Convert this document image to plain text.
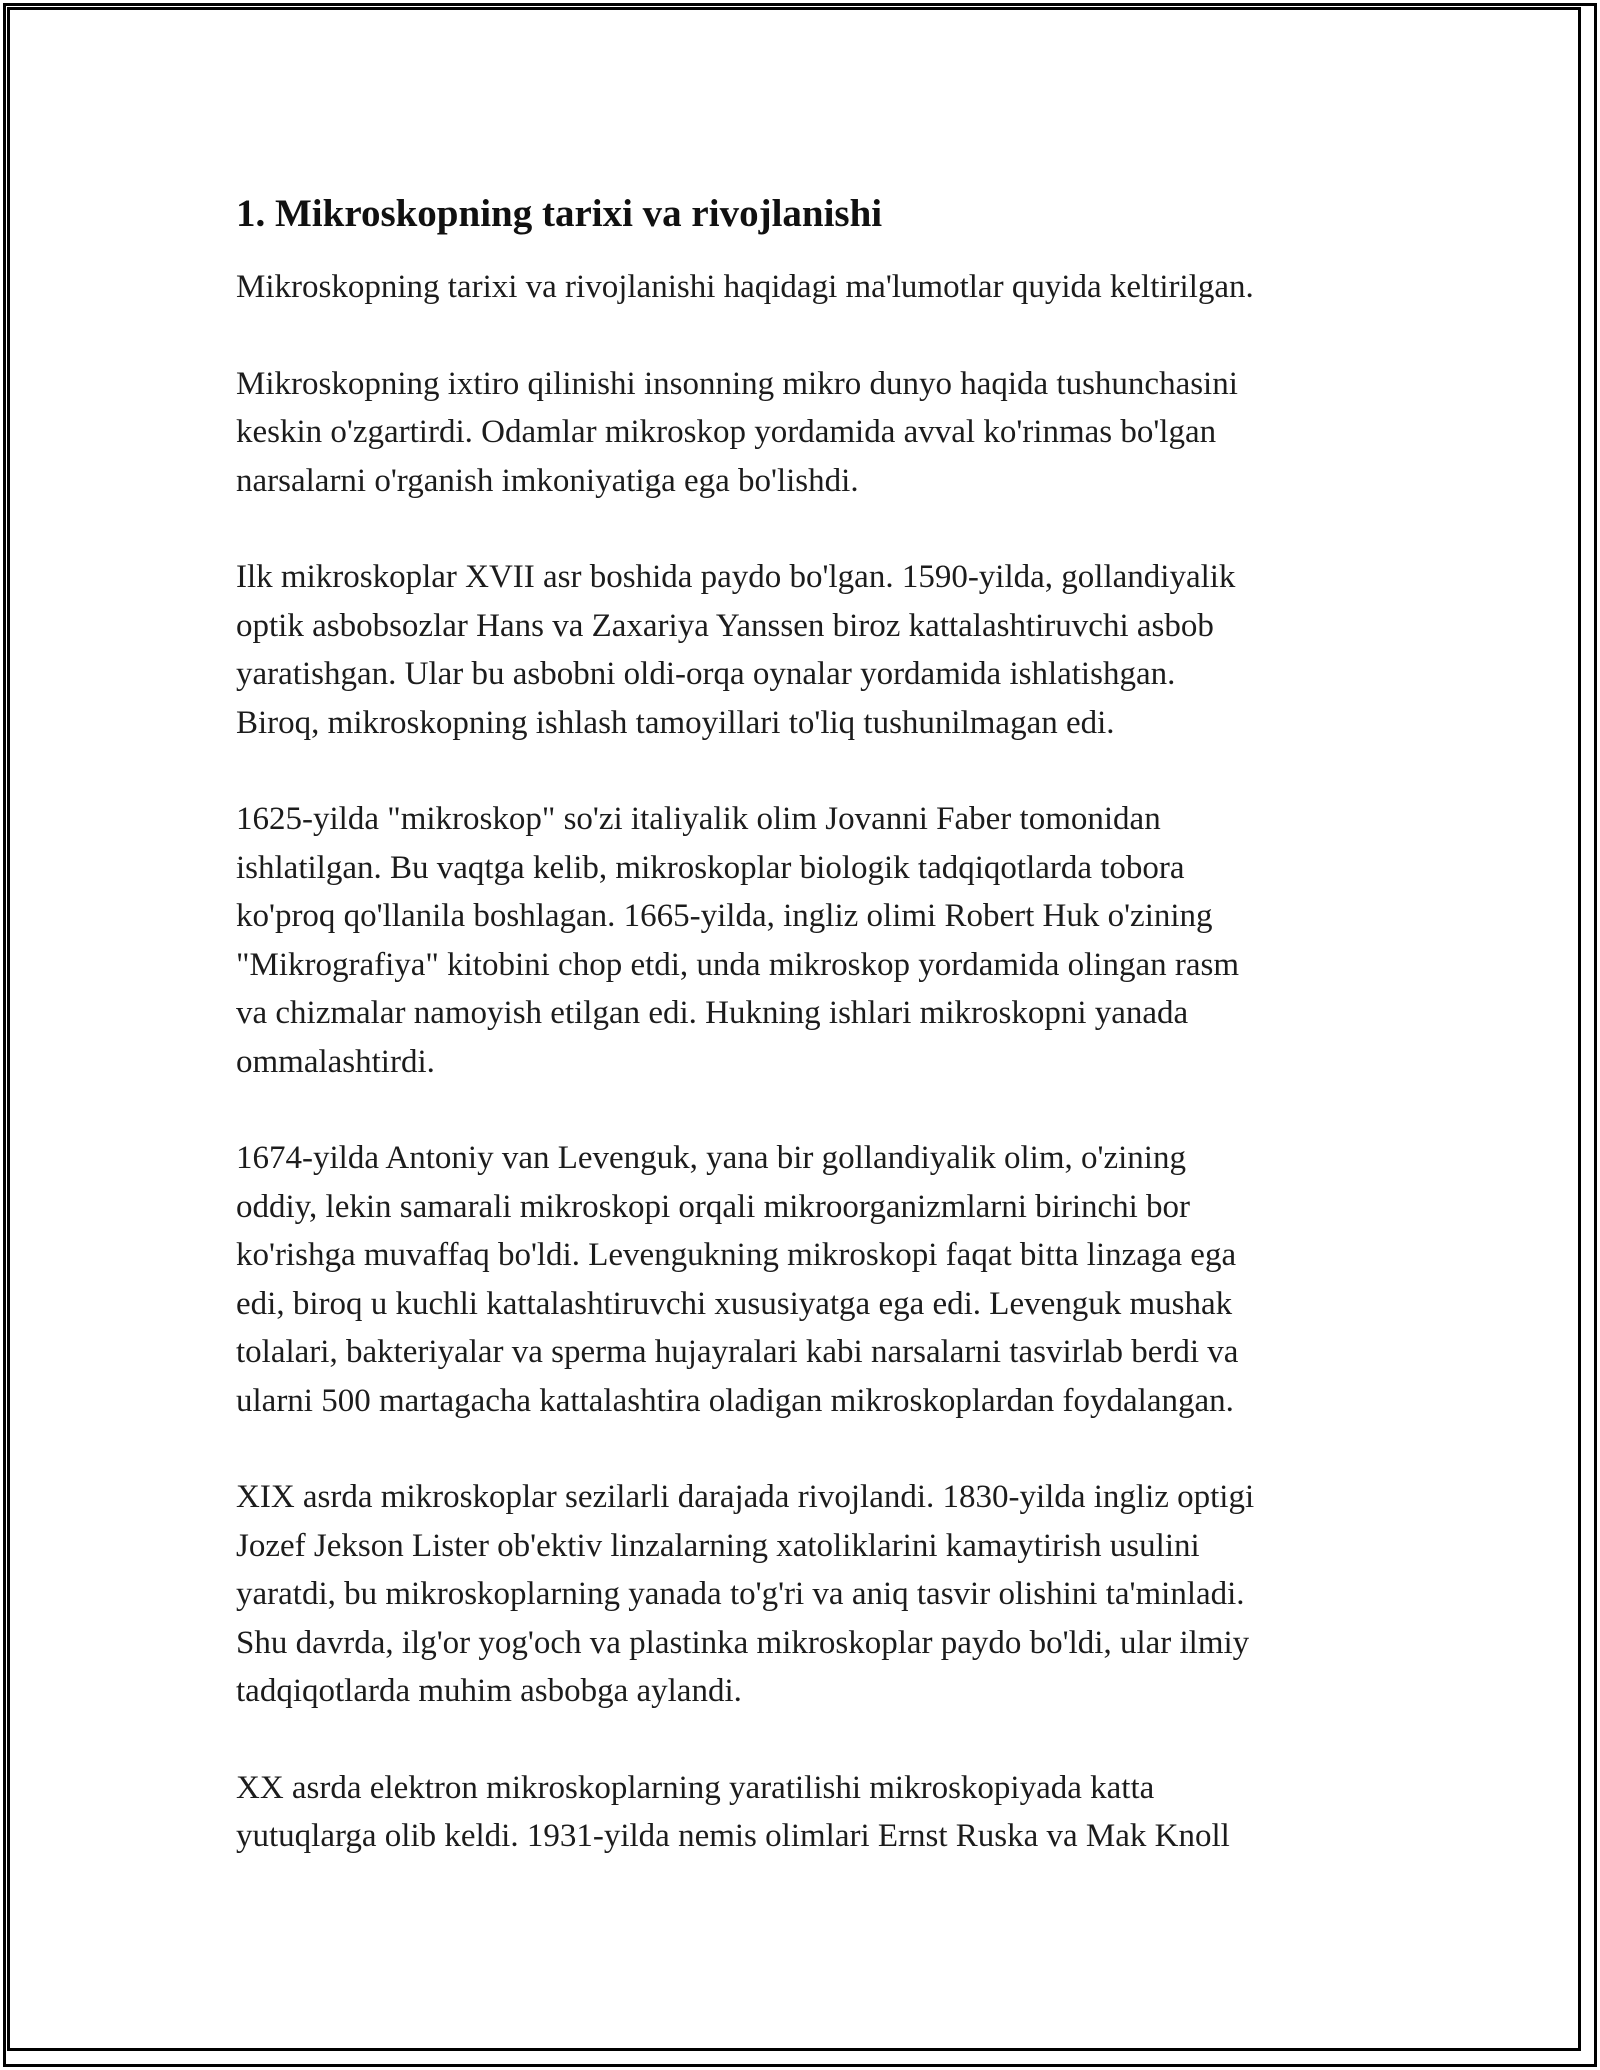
1. Mikroskopning tarixi va rivojlanishi

Mikroskopning tarixi va rivojlanishi haqidagi ma'lumotlar quyida keltirilgan.

Mikroskopning ixtiro qilinishi insonning mikro dunyo haqida tushunchasini
keskin o'zgartirdi. Odamlar mikroskop yordamida avval ko'rinmas bo'lgan
narsalarni o'rganish imkoniyatiga ega bo'lishdi.

Ilk mikroskoplar XVII asr boshida paydo bo'lgan. 1590-yilda, gollandiyalik
optik asbobsozlar Hans va Zaxariya Yanssen biroz kattalashtiruvchi asbob
yaratishgan. Ular bu asbobni oldi-orqa oynalar yordamida ishlatishgan.
Biroq, mikroskopning ishlash tamoyillari to'liq tushunilmagan edi.

1625-yilda "mikroskop" so'zi italiyalik olim Jovanni Faber tomonidan
ishlatilgan. Bu vaqtga kelib, mikroskoplar biologik tadqiqotlarda tobora
ko'proq qo'llanila boshlagan. 1665-yilda, ingliz olimi Robert Huk o'zining
"Mikrografiya" kitobini chop etdi, unda mikroskop yordamida olingan rasm
va chizmalar namoyish etilgan edi. Hukning ishlari mikroskopni yanada
ommalashtirdi.

1674-yilda Antoniy van Levenguk, yana bir gollandiyalik olim, o'zining
oddiy, lekin samarali mikroskopi orqali mikroorganizmlarni birinchi bor
ko'rishga muvaffaq bo'ldi. Levengukning mikroskopi faqat bitta linzaga ega
edi, biroq u kuchli kattalashtiruvchi xususiyatga ega edi. Levenguk mushak
tolalari, bakteriyalar va sperma hujayralari kabi narsalarni tasvirlab berdi va
ularni 500 martagacha kattalashtira oladigan mikroskoplardan foydalangan.

XIX asrda mikroskoplar sezilarli darajada rivojlandi. 1830-yilda ingliz optigi
Jozef Jekson Lister ob'ektiv linzalarning xatoliklarini kamaytirish usulini
yaratdi, bu mikroskoplarning yanada to'g'ri va aniq tasvir olishini ta'minladi.
Shu davrda, ilg'or yog'och va plastinka mikroskoplar paydo bo'ldi, ular ilmiy
tadqiqotlarda muhim asbobga aylandi.

XX asrda elektron mikroskoplarning yaratilishi mikroskopiyada katta
yutuqlarga olib keldi. 1931-yilda nemis olimlari Ernst Ruska va Mak Knoll
